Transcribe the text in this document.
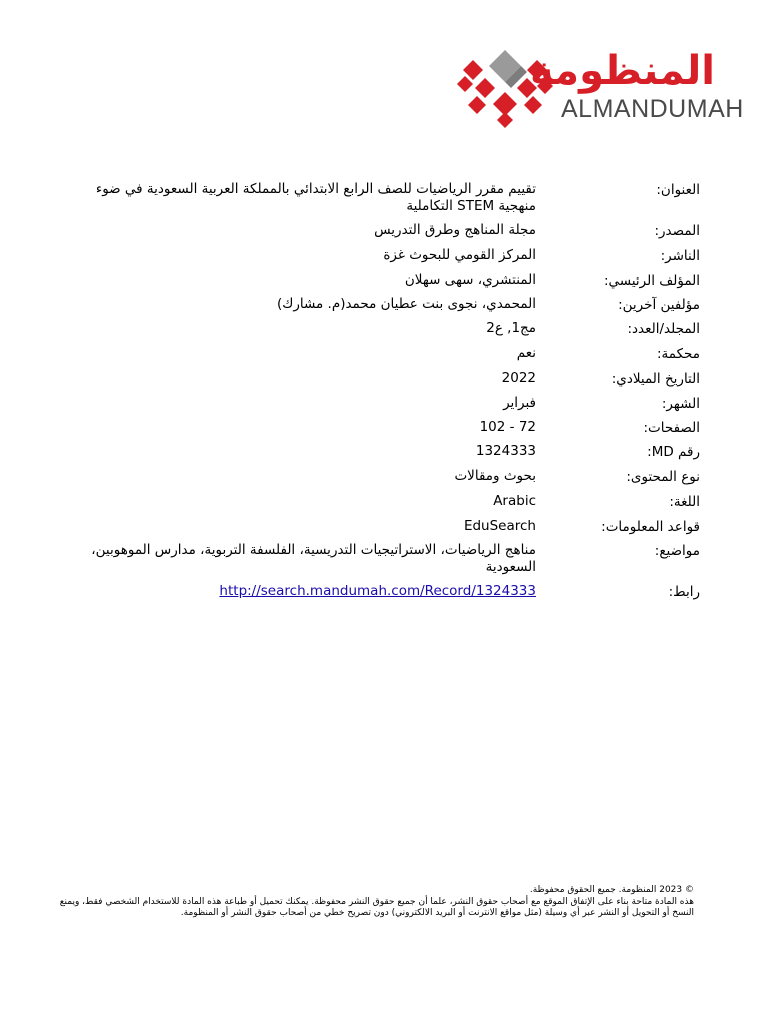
المنظومة
ALMANDUMAH
العنوان:
تقييم مقرر الرياضيات للصف الرابع الابتدائي بالمملكة العربية السعودية في ضوء منهجية STEM التكاملية
المصدر:
مجلة المناهج وطرق التدريس
الناشر:
المركز القومي للبحوث غزة
المؤلف الرئيسي:
المنتشري، سهى سهلان
مؤلفين آخرين:
المحمدي، نجوى بنت عطيان محمد(م. مشارك)
المجلد/العدد:
مج1, ع2
محكمة:
نعم
التاريخ الميلادي:
2022
الشهر:
فبراير
الصفحات:
72 - 102
رقم MD:
1324333
نوع المحتوى:
بحوث ومقالات
اللغة:
Arabic
قواعد المعلومات:
EduSearch
مواضيع:
مناهج الرياضيات، الاستراتيجيات التدريسية، الفلسفة التربوية، مدارس الموهوبين، السعودية
رابط:
http://search.mandumah.com/Record/1324333
© 2023 المنظومة. جميع الحقوق محفوظة.
هذه المادة متاحة بناء على الإتفاق الموقع مع أصحاب حقوق النشر، علما أن جميع حقوق النشر محفوظة. يمكنك تحميل أو طباعة هذه المادة للاستخدام الشخصي فقط، ويمنع النسخ أو التحويل أو النشر عبر أي وسيلة (مثل مواقع الانترنت أو البريد الالكتروني) دون تصريح خطي من أصحاب حقوق النشر أو المنظومة.
